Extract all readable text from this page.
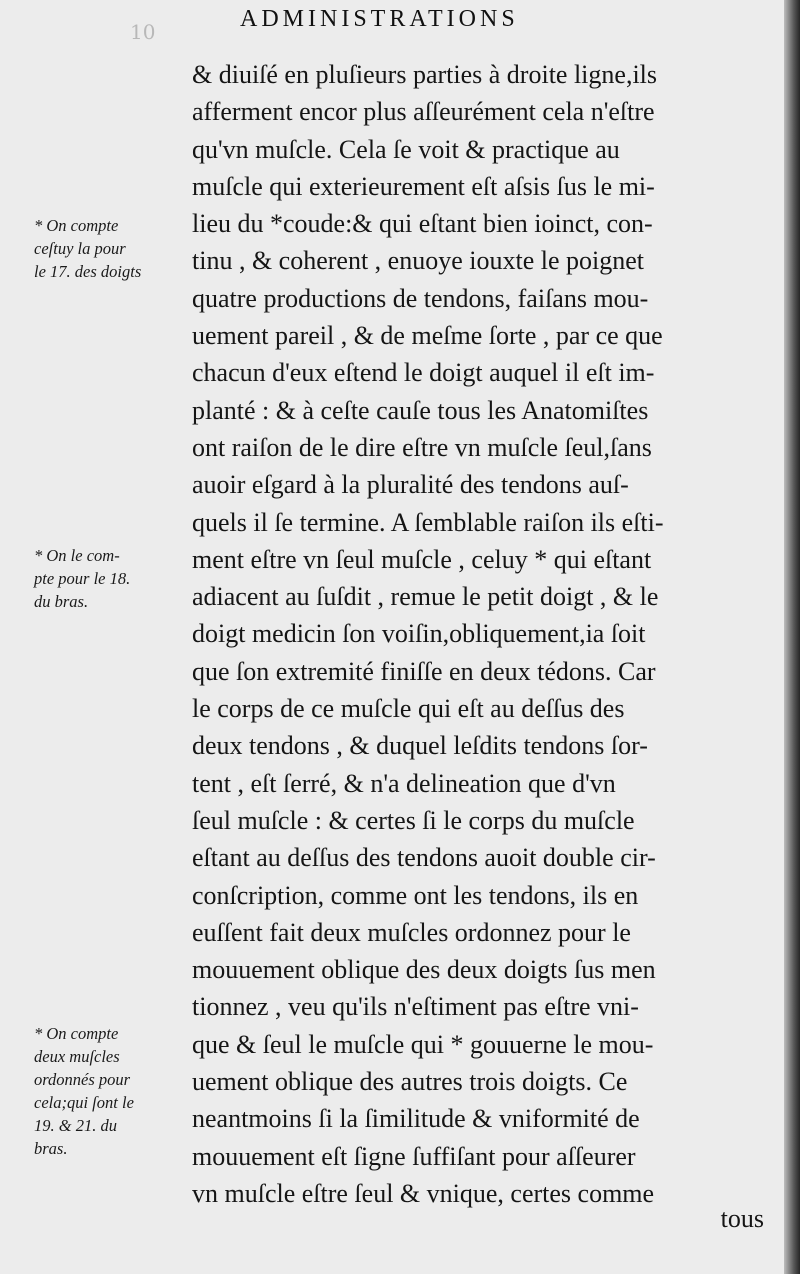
10	ADMINISTRATIONS
& diuiſé en pluſieurs parties à droite ligne,ils
afferment encor plus aſſeurément cela n'eſtre
qu'vn muſcle. Cela ſe voit & practique au
muſcle qui exterieurement eſt aſsis ſus le mi-
lieu du *coude:& qui eſtant bien ioinct, con-
tinu , & coherent , enuoye iouxte le poignet
quatre productions de tendons, faiſans mou-
uement pareil , & de meſme ſorte , par ce que
chacun d'eux eſtend le doigt auquel il eſt im-
planté : & à ceſte cauſe tous les Anatomiſtes
ont raiſon de le dire eſtre vn muſcle ſeul,ſans
auoir eſgard à la pluralité des tendons auſ-
quels il ſe termine. A ſemblable raiſon ils eſti-
ment eſtre vn ſeul muſcle , celuy * qui eſtant
adiacent au ſuſdit , remue le petit doigt , & le
doigt medicin ſon voiſin,obliquement,ia ſoit
que ſon extremité finiſſe en deux tédons. Car
le corps de ce muſcle qui eſt au deſſus des
deux tendons , & duquel leſdits tendons ſor-
tent , eſt ſerré, & n'a delineation que d'vn
ſeul muſcle : & certes ſi le corps du muſcle
eſtant au deſſus des tendons auoit double cir-
conſcription, comme ont les tendons, ils en
euſſent fait deux muſcles ordonnez pour le
mouuement oblique des deux doigts ſus men
tionnez , veu qu'ils n'eſtiment pas eſtre vni-
que & ſeul le muſcle qui * gouuerne le mou-
uement oblique des autres trois doigts. Ce
neantmoins ſi la ſimilitude & vniformité de
mouuement eſt ſigne ſuffiſant pour aſſeurer
vn muſcle eſtre ſeul & vnique, certes comme
* On compte
ceſtuy la pour
le 17. des doigts
* On le com-
pte pour le 18.
du bras.
* On compte
deux muſcles
ordonnés pour
cela;qui ſont le
19. & 21. du
bras.
tous
